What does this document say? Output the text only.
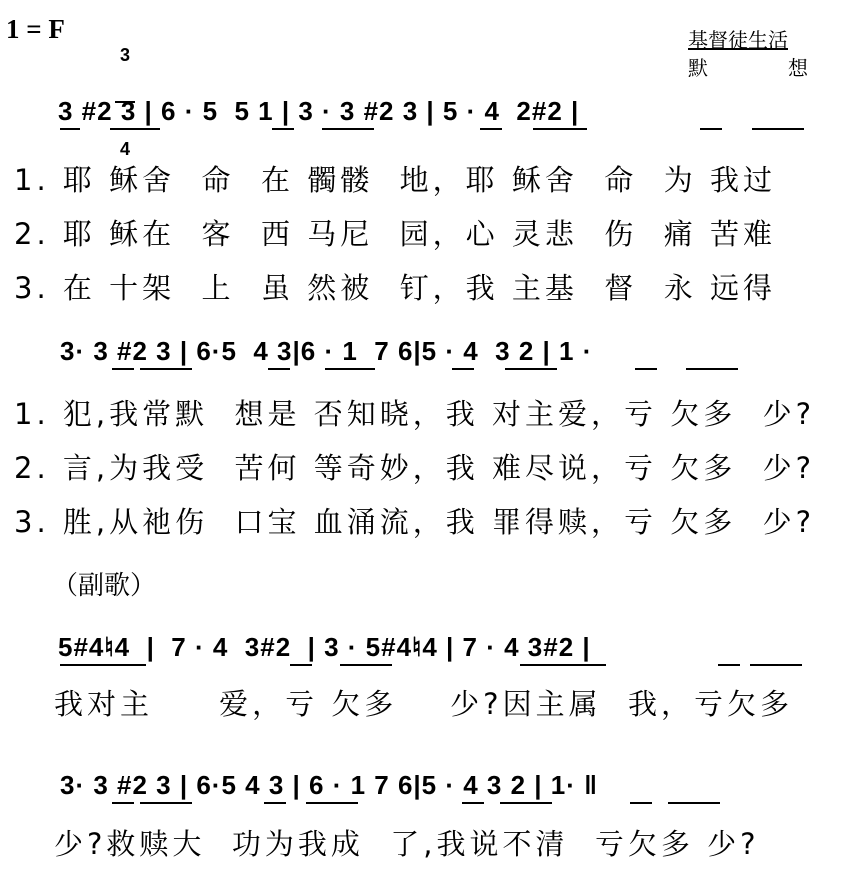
1 = F

3

4

基督徒生活
默	想
3 #2 3 | 6 · 5  5 1 | 3 · 3 #2 3 | 5 · 4  2#2 |
1. 耶 稣舍  命  在 髑髅  地，耶 稣舍  命  为 我过
2. 耶 稣在  客  西 马尼  园，心 灵悲  伤  痛 苦难
3. 在 十架  上  虽 然被  钉，我 主基  督  永 远得
3· 3 #2 3 | 6·5  4 3|6 · 1  7 6|5 · 4  3 2 | 1 ·
1. 犯,我常默  想是 否知晓，我 对主爱，亏 欠多  少?
2. 言,为我受  苦何 等奇妙，我 难尽说，亏 欠多  少?
3. 胜,从祂伤  口宝 血涌流，我 罪得赎，亏 欠多  少?
（副歌）
5#4♮4  |  7 · 4  3#2  | 3 · 5#4♮4 | 7 · 4 3#2 |
我对主     爱，亏 欠多    少?因主属  我，亏欠多
3· 3 #2 3 | 6·5 4 3 | 6 · 1 7 6|5 · 4 3 2 | 1· ‖
少?救赎大  功为我成  了,我说不清  亏欠多 少?
